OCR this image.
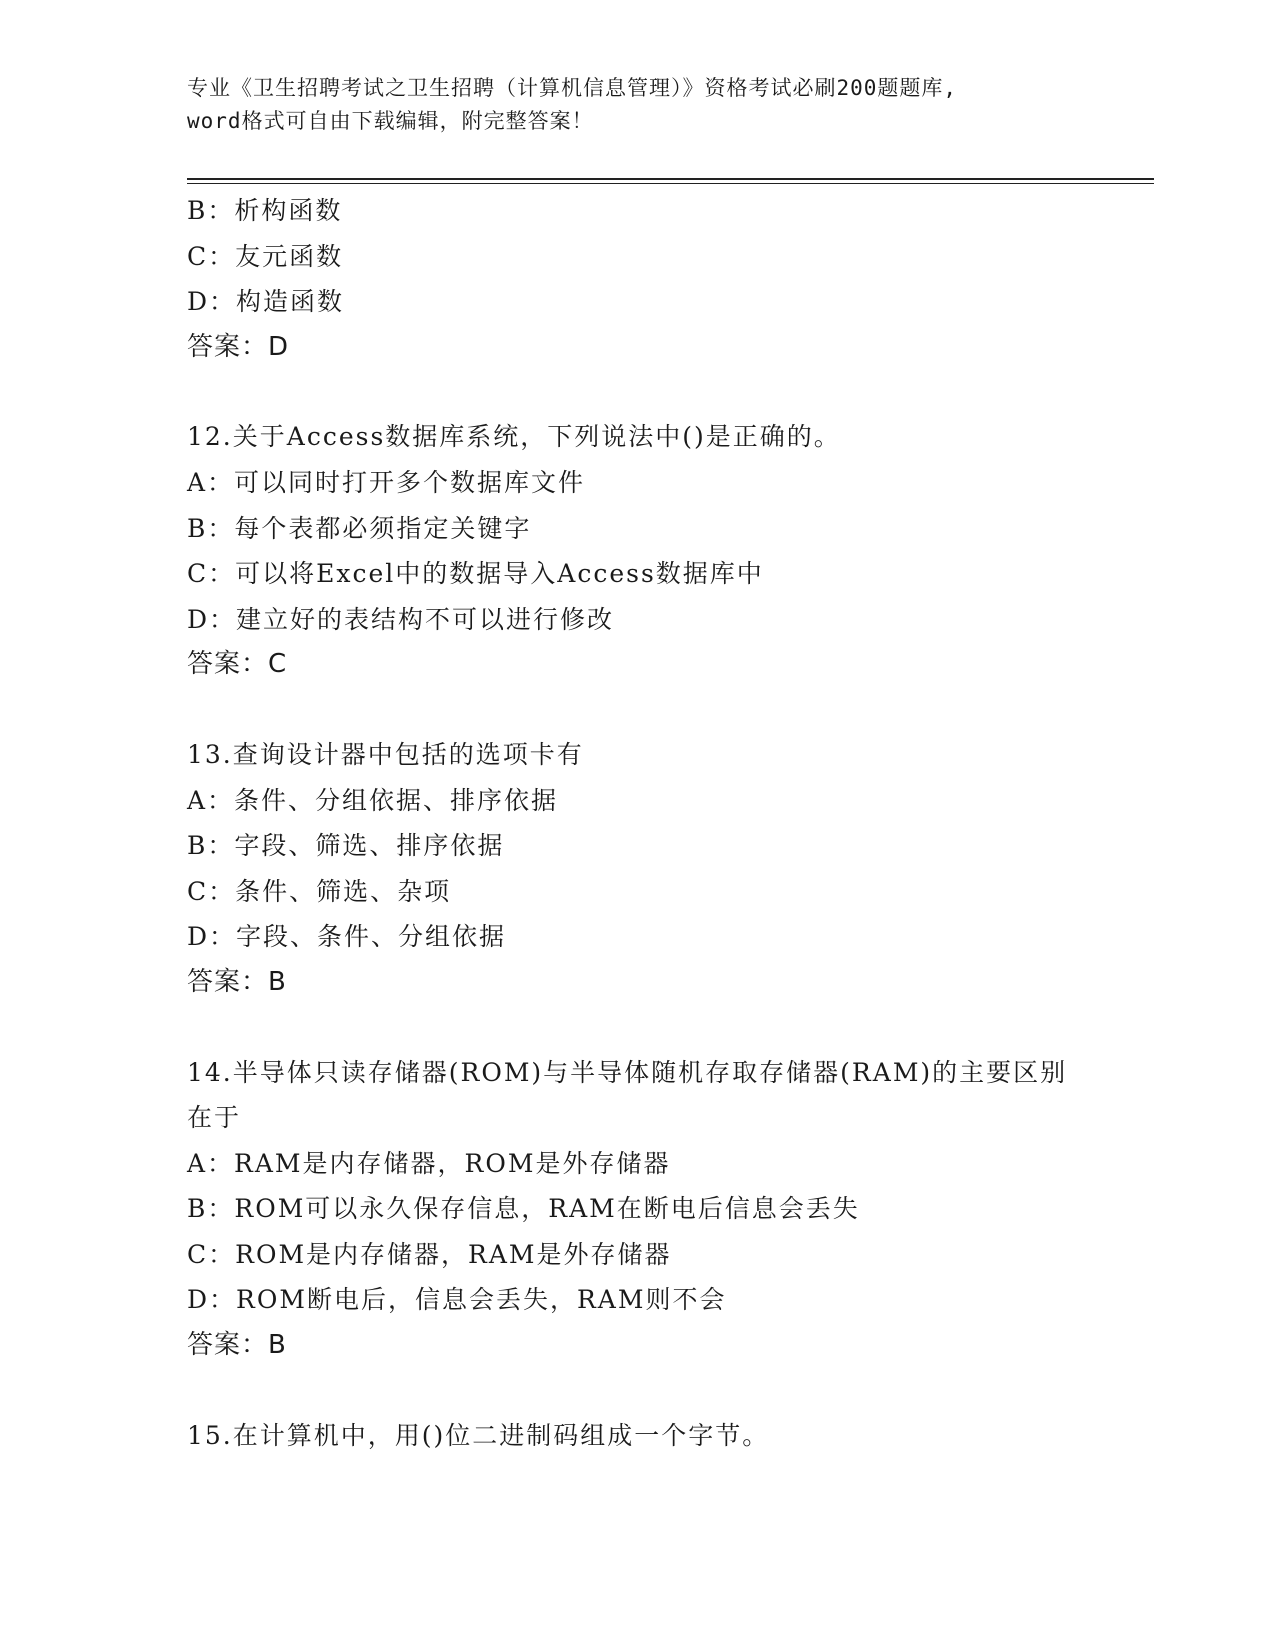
专业《卫生招聘考试之卫生招聘（计算机信息管理）》资格考试必刷200题题库,
word格式可自由下载编辑，附完整答案！
B：析构函数
C：友元函数
D：构造函数
答案：D
12.关于Access数据库系统，下列说法中()是正确的。
A：可以同时打开多个数据库文件
B：每个表都必须指定关键字
C：可以将Excel中的数据导入Access数据库中
D：建立好的表结构不可以进行修改
答案：C
13.查询设计器中包括的选项卡有
A：条件、分组依据、排序依据
B：字段、筛选、排序依据
C：条件、筛选、杂项
D：字段、条件、分组依据
答案：B
14.半导体只读存储器(ROM)与半导体随机存取存储器(RAM)的主要区别
在于
A：RAM是内存储器，ROM是外存储器
B：ROM可以永久保存信息，RAM在断电后信息会丢失
C：ROM是内存储器，RAM是外存储器
D：ROM断电后，信息会丢失，RAM则不会
答案：B
15.在计算机中，用()位二进制码组成一个字节。
